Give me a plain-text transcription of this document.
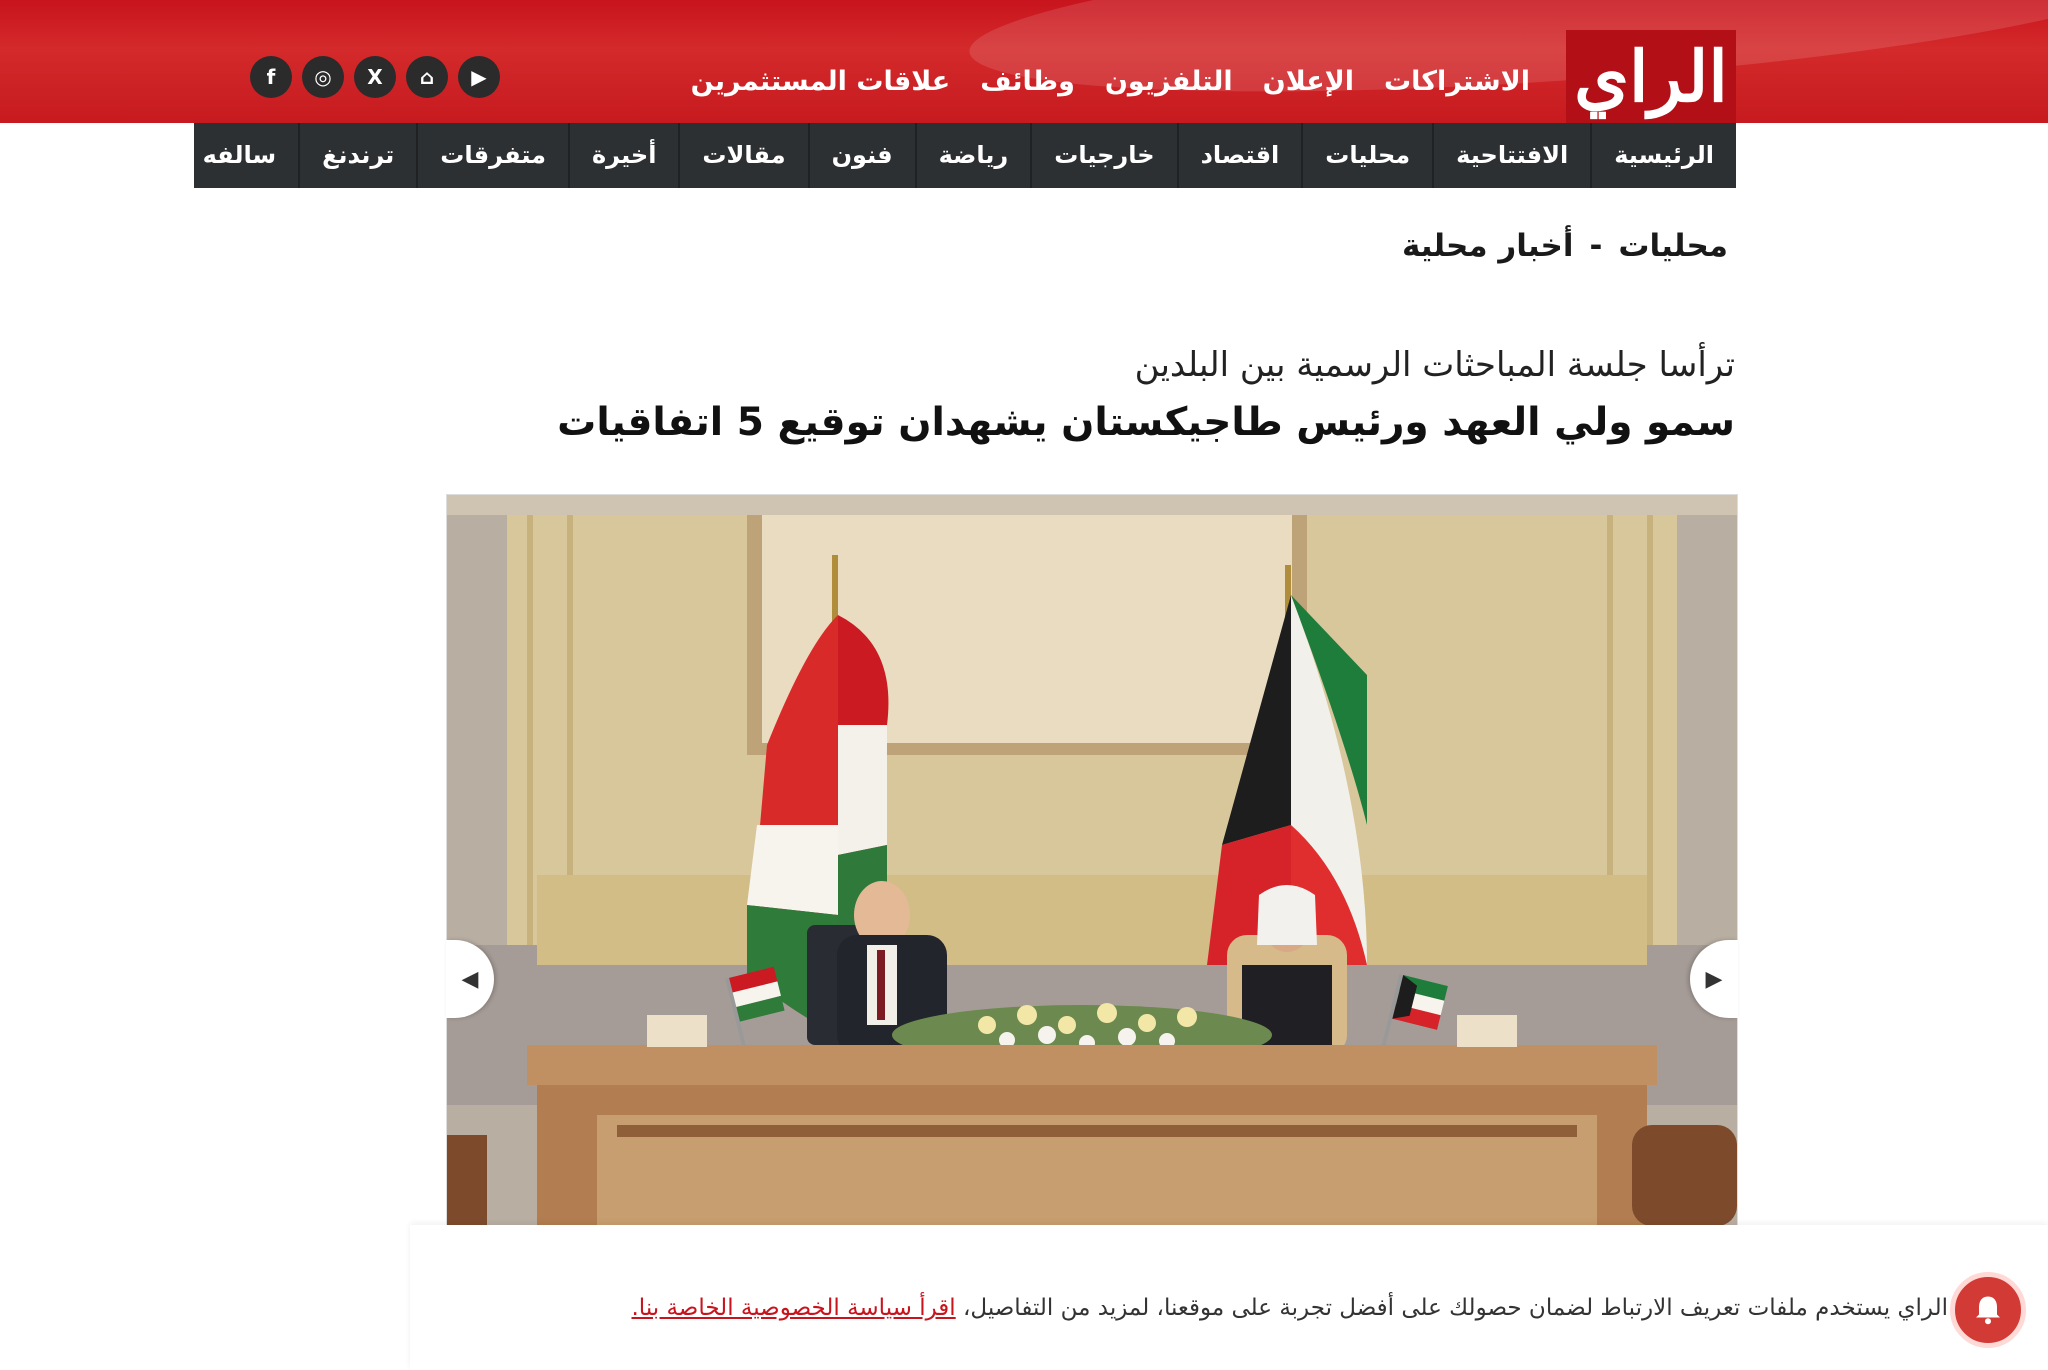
الراي
الاشتراكات
الإعلان
التلفزيون
وظائف
علاقات المستثمرين
f	◎	X	⌂	▶
الرئيسية
الافتتاحية
محليات
اقتصاد
خارجيات
رياضة
فنون
مقالات
أخيرة
متفرقات
ترندنغ
سالفه
محليات
-
أخبار محلية
ترأسا جلسة المباحثات الرسمية بين البلدين
سمو ولي العهد ورئيس طاجيكستان يشهدان توقيع 5 اتفاقيات
◀	▶

الراي يستخدم ملفات تعريف الارتباط لضمان حصولك على أفضل تجربة على موقعنا، لمزيد من التفاصيل، اقرأ سياسة الخصوصية الخاصة بنا.
